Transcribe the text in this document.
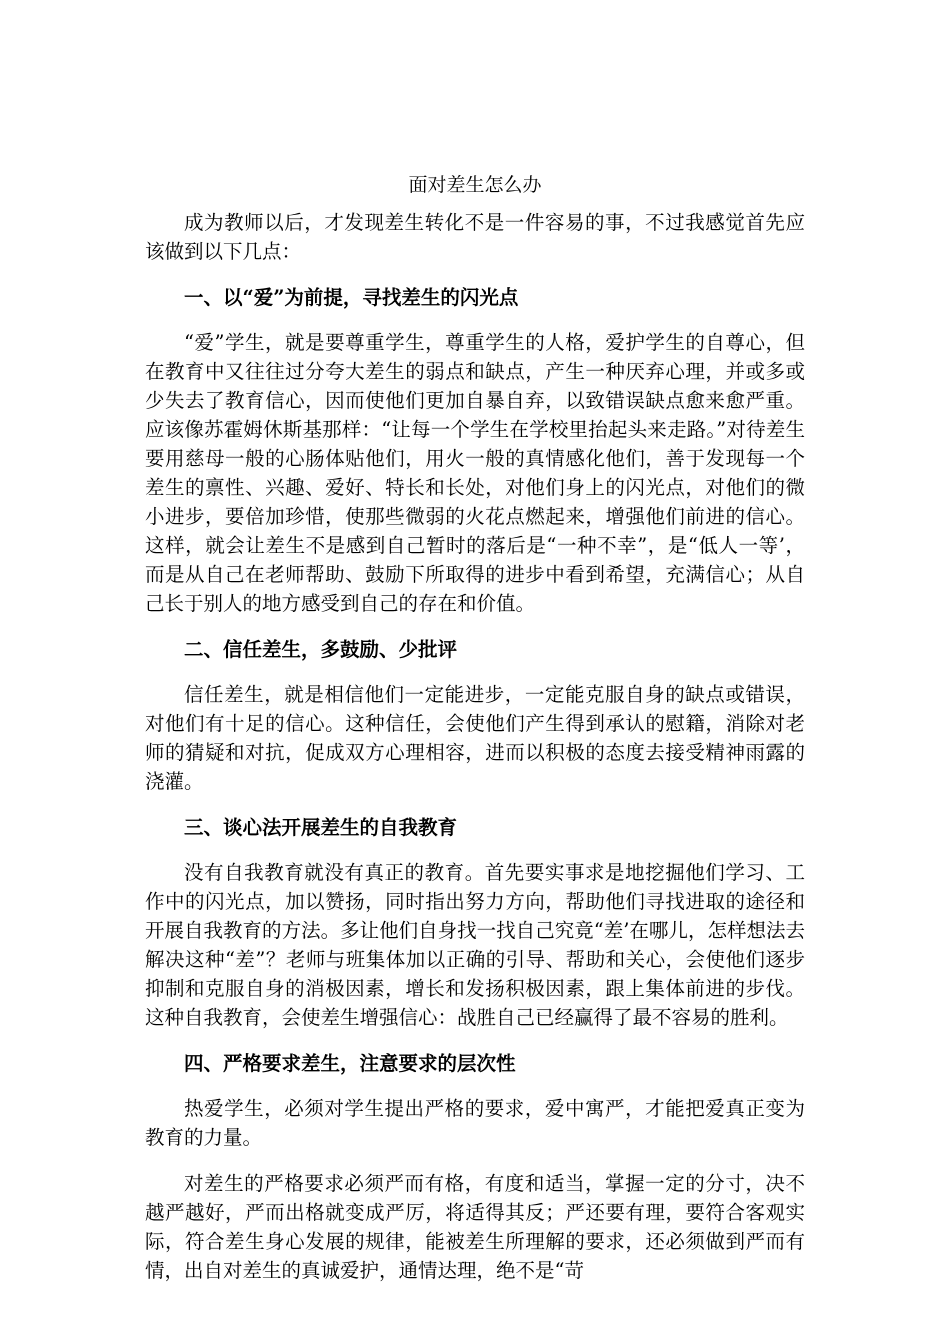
面对差生怎么办

成为教师以后，才发现差生转化不是一件容易的事，不过我感觉首先应该做到以下几点：

一、以“爱”为前提，寻找差生的闪光点

“爱”学生，就是要尊重学生，尊重学生的人格，爱护学生的自尊心，但在教育中又往往过分夸大差生的弱点和缺点，产生一种厌弃心理，并或多或少失去了教育信心，因而使他们更加自暴自弃，以致错误缺点愈来愈严重。应该像苏霍姆休斯基那样：“让每一个学生在学校里抬起头来走路。”对待差生要用慈母一般的心肠体贴他们，用火一般的真情感化他们，善于发现每一个差生的禀性、兴趣、爱好、特长和长处，对他们身上的闪光点，对他们的微小进步，要倍加珍惜，使那些微弱的火花点燃起来，增强他们前进的信心。这样，就会让差生不是感到自己暂时的落后是“一种不幸”，是“低人一等’，而是从自己在老师帮助、鼓励下所取得的进步中看到希望，充满信心；从自己长于别人的地方感受到自己的存在和价值。

二、信任差生，多鼓励、少批评

信任差生，就是相信他们一定能进步，一定能克服自身的缺点或错误，对他们有十足的信心。这种信任，会使他们产生得到承认的慰籍，消除对老师的猜疑和对抗，促成双方心理相容，进而以积极的态度去接受精神雨露的浇灌。

三、谈心法开展差生的自我教育

没有自我教育就没有真正的教育。首先要实事求是地挖掘他们学习、工作中的闪光点，加以赞扬，同时指出努力方向，帮助他们寻找进取的途径和开展自我教育的方法。多让他们自身找一找自己究竟“差’在哪儿，怎样想法去解决这种“差”？老师与班集体加以正确的引导、帮助和关心，会使他们逐步抑制和克服自身的消极因素，增长和发扬积极因素，跟上集体前进的步伐。这种自我教育，会使差生增强信心：战胜自己已经赢得了最不容易的胜利。

四、严格要求差生，注意要求的层次性

热爱学生，必须对学生提出严格的要求，爱中寓严，才能把爱真正变为教育的力量。

对差生的严格要求必须严而有格，有度和适当，掌握一定的分寸，决不越严越好，严而出格就变成严厉，将适得其反；严还要有理，要符合客观实际，符合差生身心发展的规律，能被差生所理解的要求，还必须做到严而有情，出自对差生的真诚爱护，通情达理，绝不是“苛
